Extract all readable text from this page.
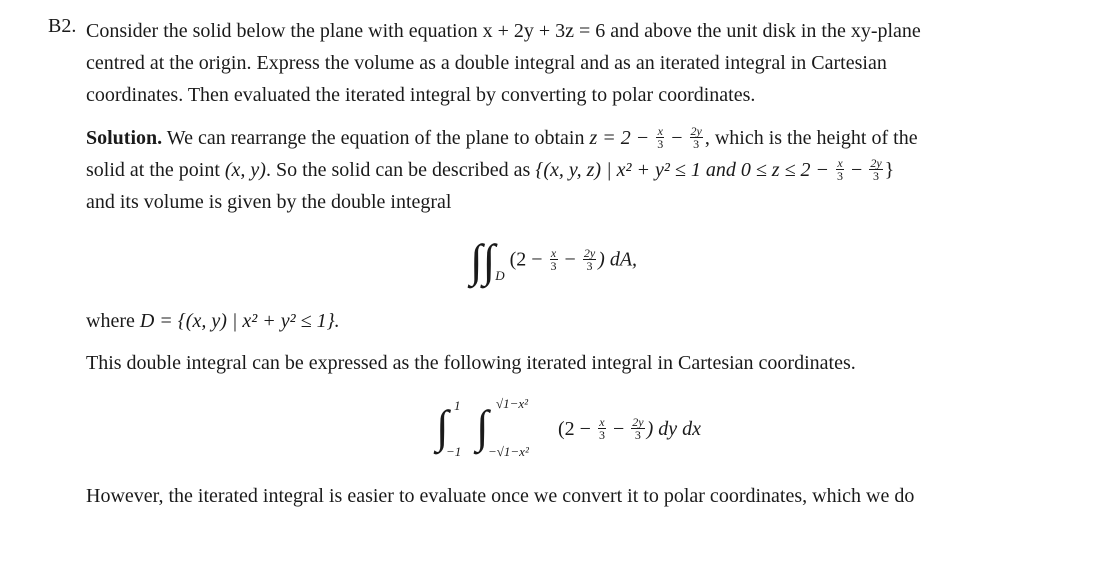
B2. Consider the solid below the plane with equation x + 2y + 3z = 6 and above the unit disk in the xy-plane
centred at the origin. Express the volume as a double integral and as an iterated integral in Cartesian
coordinates. Then evaluated the iterated integral by converting to polar coordinates.
Solution. We can rearrange the equation of the plane to obtain $z = 2 - \frac{x}{3} - \frac{2y}{3}$ , which is the height of the
solid at the point (x, y). So the solid can be described as {(x, y, z) | x² + y² ≤ 1 and $0 \le z \le 2 - \frac{x}{3} - \frac{2y}{3}$ }
and its volume is given by the double integral
$\int\int_D$ ($2 - \frac{x}{3} - \frac{2y}{3}$ ) dA,
where D = {(x, y) | x² + y² ≤ 1}.
This double integral can be expressed as the following iterated integral in Cartesian coordinates.
∫ 1
−1 ∫ √1−x²
−√1−x²
($2 - \frac{x}{3} - \frac{2y}{3}$ ) dy dx
However, the iterated integral is easier to evaluate once we convert it to polar coordinates, which we do
